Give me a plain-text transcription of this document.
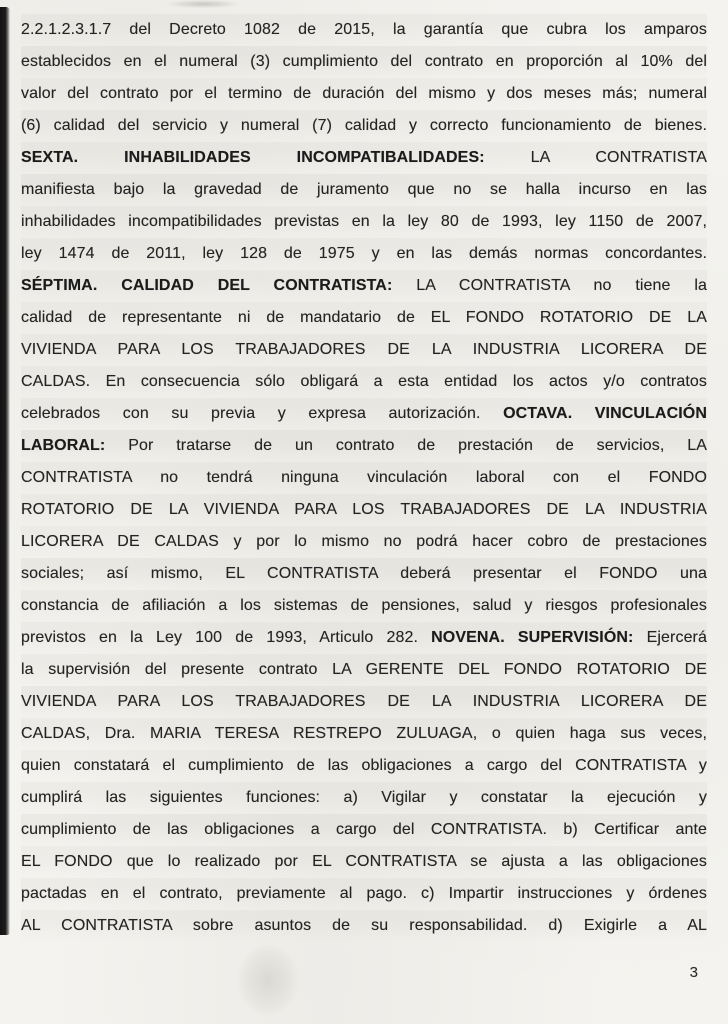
2.2.1.2.3.1.7 del Decreto 1082 de 2015, la garantía que cubra los amparos
establecidos en el numeral (3) cumplimiento del contrato en proporción al 10% del
valor del contrato por el termino de duración del mismo y dos meses más; numeral
(6) calidad del servicio y numeral (7) calidad y correcto funcionamiento de bienes.
SEXTA. INHABILIDADES INCOMPATIBALIDADES: LA CONTRATISTA
manifiesta bajo la gravedad de juramento que no se halla incurso en las
inhabilidades incompatibilidades previstas en la ley 80 de 1993, ley 1150 de 2007,
ley 1474 de 2011, ley 128 de 1975 y en las demás normas concordantes.
SÉPTIMA. CALIDAD DEL CONTRATISTA: LA CONTRATISTA no tiene la
calidad de representante ni de mandatario de EL FONDO ROTATORIO DE LA
VIVIENDA PARA LOS TRABAJADORES DE LA INDUSTRIA LICORERA DE
CALDAS. En consecuencia sólo obligará a esta entidad los actos y/o contratos
celebrados con su previa y expresa autorización. OCTAVA. VINCULACIÓN
LABORAL: Por tratarse de un contrato de prestación de servicios, LA
CONTRATISTA no tendrá ninguna vinculación laboral con el FONDO
ROTATORIO DE LA VIVIENDA PARA LOS TRABAJADORES DE LA INDUSTRIA
LICORERA DE CALDAS y por lo mismo no podrá hacer cobro de prestaciones
sociales; así mismo, EL CONTRATISTA deberá presentar el FONDO una
constancia de afiliación a los sistemas de pensiones, salud y riesgos profesionales
previstos en la Ley 100 de 1993, Articulo 282. NOVENA. SUPERVISIÓN: Ejercerá
la supervisión del presente contrato LA GERENTE DEL FONDO ROTATORIO DE
VIVIENDA PARA LOS TRABAJADORES DE LA INDUSTRIA LICORERA DE
CALDAS, Dra. MARIA TERESA RESTREPO ZULUAGA, o quien haga sus veces,
quien constatará el cumplimiento de las obligaciones a cargo del CONTRATISTA y
cumplirá las siguientes funciones: a) Vigilar y constatar la ejecución y
cumplimiento de las obligaciones a cargo del CONTRATISTA. b) Certificar ante
EL FONDO que lo realizado por EL CONTRATISTA se ajusta a las obligaciones
pactadas en el contrato, previamente al pago. c) Impartir instrucciones y órdenes
AL CONTRATISTA sobre asuntos de su responsabilidad. d) Exigirle a AL
3
